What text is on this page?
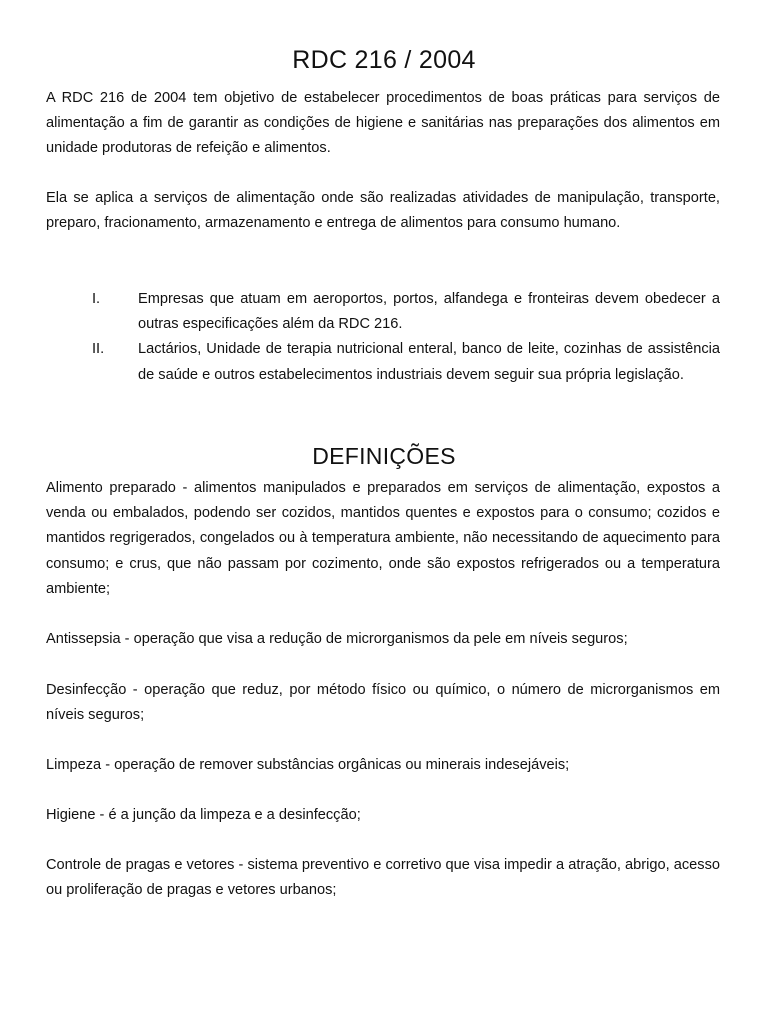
RDC 216 / 2004

A RDC 216 de 2004 tem objetivo de estabelecer procedimentos de boas práticas para serviços de alimentação a fim de garantir as condições de higiene e sanitárias nas preparações dos alimentos em unidade produtoras de refeição e alimentos.

Ela se aplica a serviços de alimentação onde são realizadas atividades de manipulação, transporte, preparo, fracionamento, armazenamento e entrega de alimentos para consumo humano.

I.	Empresas que atuam em aeroportos, portos, alfandega e fronteiras devem obedecer a outras especificações além da RDC 216.
II. Lactários, Unidade de terapia nutricional enteral, banco de leite, cozinhas de assistência de saúde e outros estabelecimentos industriais devem seguir sua própria legislação.
DEFINIÇÕES

Alimento preparado - alimentos manipulados e preparados em serviços de alimentação, expostos a venda ou embalados, podendo ser cozidos, mantidos quentes e expostos para o consumo; cozidos e mantidos regrigerados, congelados ou à temperatura ambiente, não necessitando de aquecimento para consumo; e crus, que não passam por cozimento, onde são expostos refrigerados ou a temperatura ambiente;

Antissepsia - operação que visa a redução de microrganismos da pele em níveis seguros;

Desinfecção - operação que reduz, por método físico ou químico, o número de microrganismos em níveis seguros;

Limpeza - operação de remover substâncias orgânicas ou minerais indesejáveis;

Higiene - é a junção da limpeza e a desinfecção;

Controle de pragas e vetores - sistema preventivo e corretivo que visa impedir a atração, abrigo, acesso ou proliferação de pragas e vetores urbanos;
